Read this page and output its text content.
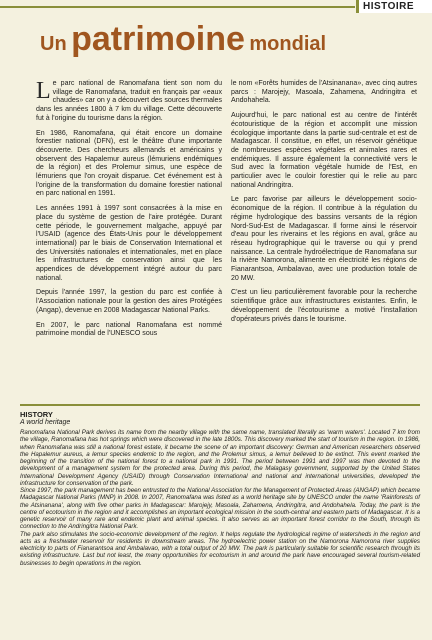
HISTOIRE
Un patrimoine mondial

Le parc national de Ranomafana tient son nom du village de Ranomafana, traduit en français par «eaux chaudes» car on y a découvert des sources thermales dans les années 1800 à 7 km du village. Cette découverte fut à l'origine du tourisme dans la région.

En 1986, Ranomafana, qui était encore un domaine forestier national (DFN), est le théâtre d'une importante découverte. Des chercheurs allemands et américains y observent des Hapalemur aureus (lémuriens endémiques de la région) et des Prolemur simus, une espèce de lémuriens que l'on croyait disparue. Cet événement est à l'origine de la transformation du domaine forestier national en parc national en 1991.

Les années 1991 à 1997 sont consacrées à la mise en place du système de gestion de l'aire protégée. Durant cette période, le gouvernement malgache, appuyé par l'USAID (agence des États-Unis pour le développement international) par le biais de Conservation International et des Universités nationales et internationales, met en place les infrastructures de conservation ainsi que les appendices de développement intégré autour du parc national.

Depuis l'année 1997, la gestion du parc est confiée à l'Association nationale pour la gestion des aires Protégées (Angap), devenue en 2008 Madagascar National Parks.

En 2007, le parc national Ranomafana est nommé patrimoine mondial de l'UNESCO sous

le nom «Forêts humides de l'Atsinanana», avec cinq autres parcs : Marojejy, Masoala, Zahamena, Andringitra et Andohahela.

Aujourd'hui, le parc national est au centre de l'intérêt écotouristique de la région et accomplit une mission écologique importante dans la partie sud-centrale et est de Madagascar. Il constitue, en effet, un réservoir génétique de nombreuses espèces végétales et animales rares et endémiques. Il assure également la connectivité vers le Sud avec la formation végétale humide de l'Est, en particulier avec le couloir forestier qui le relie au parc national Andringitra.

Le parc favorise par ailleurs le développement socio-économique de la région. Il contribue à la régulation du régime hydrologique des bassins versants de la région Nord-Sud-Est de Madagascar. Il forme ainsi le réservoir d'eau pour les riverains et les régions en aval, grâce au réseau hydrographique qui le traverse ou qui y prend naissance. La centrale hydroélectrique de Ranomafana sur la rivière Namorona, alimente en électricité les régions de Fianarantsoa, Ambalavao, avec une production totale de 20 MW.

C'est un lieu particulièrement favorable pour la recherche scientifique grâce aux infrastructures existantes. Enfin, le développement de l'écotourisme a motivé l'installation d'opérateurs privés dans le tourisme.

HISTORY
A world heritage

Ranomafana National Park derives its name from the nearby village with the same name, translated literally as 'warm waters'. Located 7 km from the village, Ranomafana has hot springs which were discovered in the late 1800s. This discovery marked the start of tourism in the region. In 1986, when Ranomafana was still a national forest estate, it became the scene of an important discovery: German and American researchers observed the Hapalemur aureus, a lemur species endemic to the region, and the Prolemur simus, a lemur believed to be extinct. This event marked the beginning of the transition of the national forest to a national park in 1991. The period between 1991 and 1997 was then devoted to the development of a management system for the protected area. During this period, the Malagasy government, supported by the United States International Development Agency (USAID) through Conservation International and national and international universities, developed the infrastructure for conservation of the park.

Since 1997, the park management has been entrusted to the National Association for the Management of Protected Areas (ANGAP) which became Madagascar National Parks (MNP) in 2008. In 2007, Ranomafana was listed as a world heritage site by UNESCO under the name 'Rainforests of the Atsinanana', along with five other parks in Madagascar: Marojejy, Masoala, Zahamena, Andringitra, and Andohahela. Today, the park is the centre of ecotourism in the region and it accomplishes an important ecological mission in the south-central and eastern parts of Madagascar. It is a genetic reservoir of many rare and endemic plant and animal species. It also serves as an important forest corridor to the South, through its connection to the Andringitra National Park.

The park also stimulates the socio-economic development of the region. It helps regulate the hydrological regime of watersheds in the region and acts as a freshwater reservoir for residents in downstream areas. The hydroelectric power station on the Namorona Namorona river supplies electricity to parts of Fianarantsoa and Ambalavao, with a total output of 20 MW. The park is particularly suitable for scientific research through its existing infrastructure. Last but not least, the many opportunities for ecotourism in and around the park have encouraged several tourism-related businesses to begin operations in the region.
